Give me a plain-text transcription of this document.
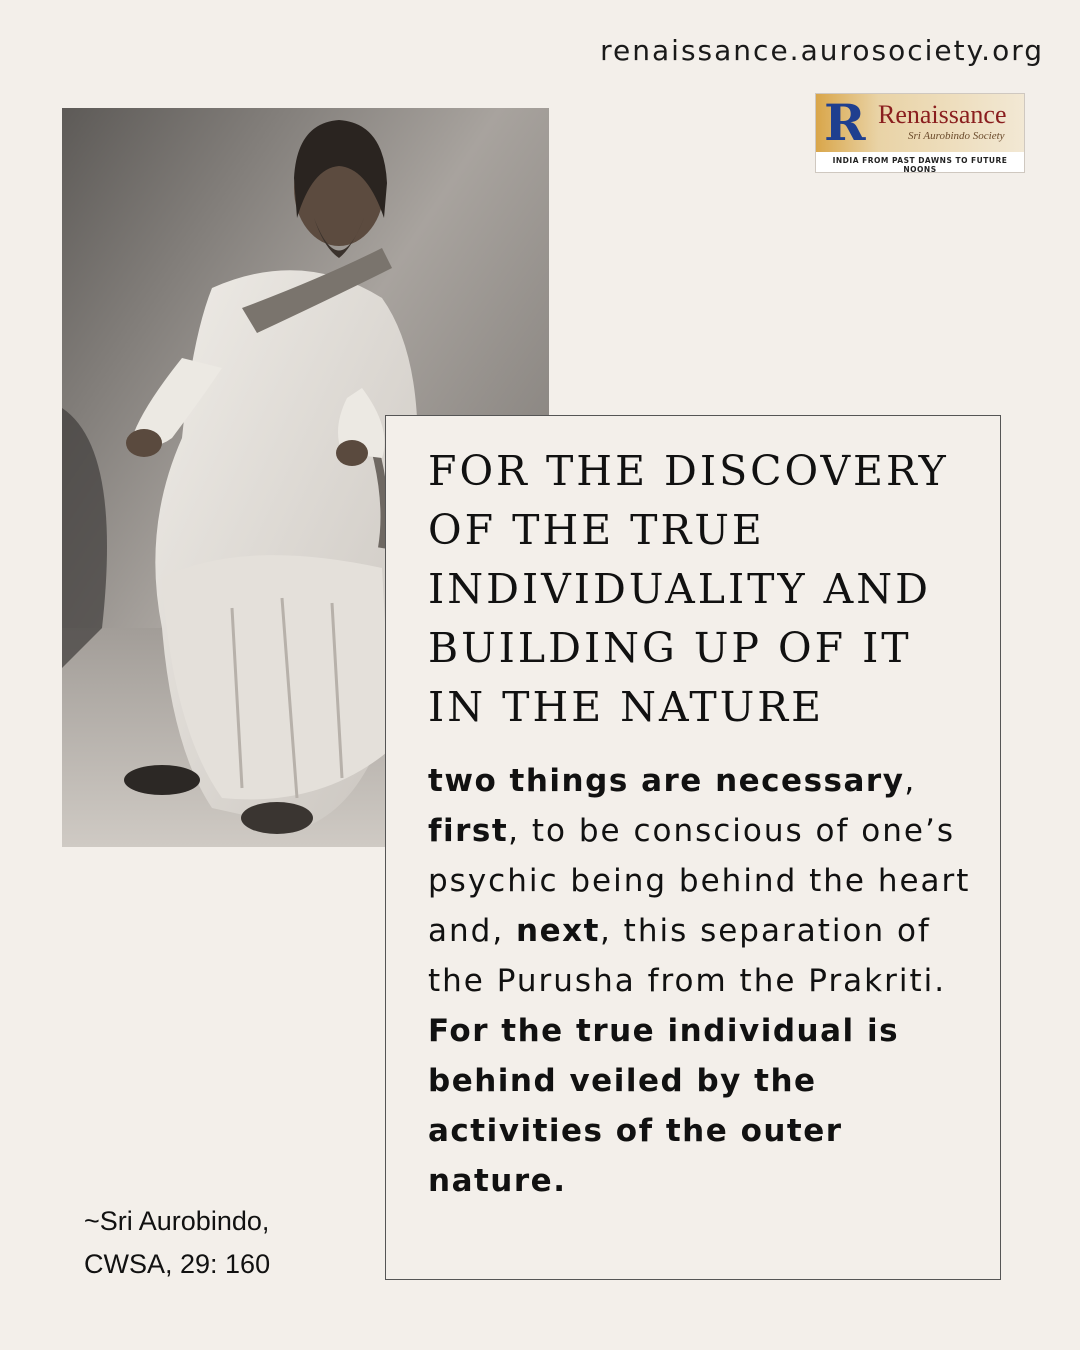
renaissance.aurosociety.org
R Renaissance
Sri Aurobindo Society
INDIA FROM PAST DAWNS TO FUTURE NOONS
FOR THE DISCOVERY
OF THE TRUE
INDIVIDUALITY AND
BUILDING UP OF IT
IN THE NATURE

two things are necessary, first, to be conscious of one’s psychic being behind the heart and, next, this separation of the Purusha from the Prakriti. For the true individual is behind veiled by the activities of the outer nature.

~Sri Aurobindo,
CWSA, 29: 160
